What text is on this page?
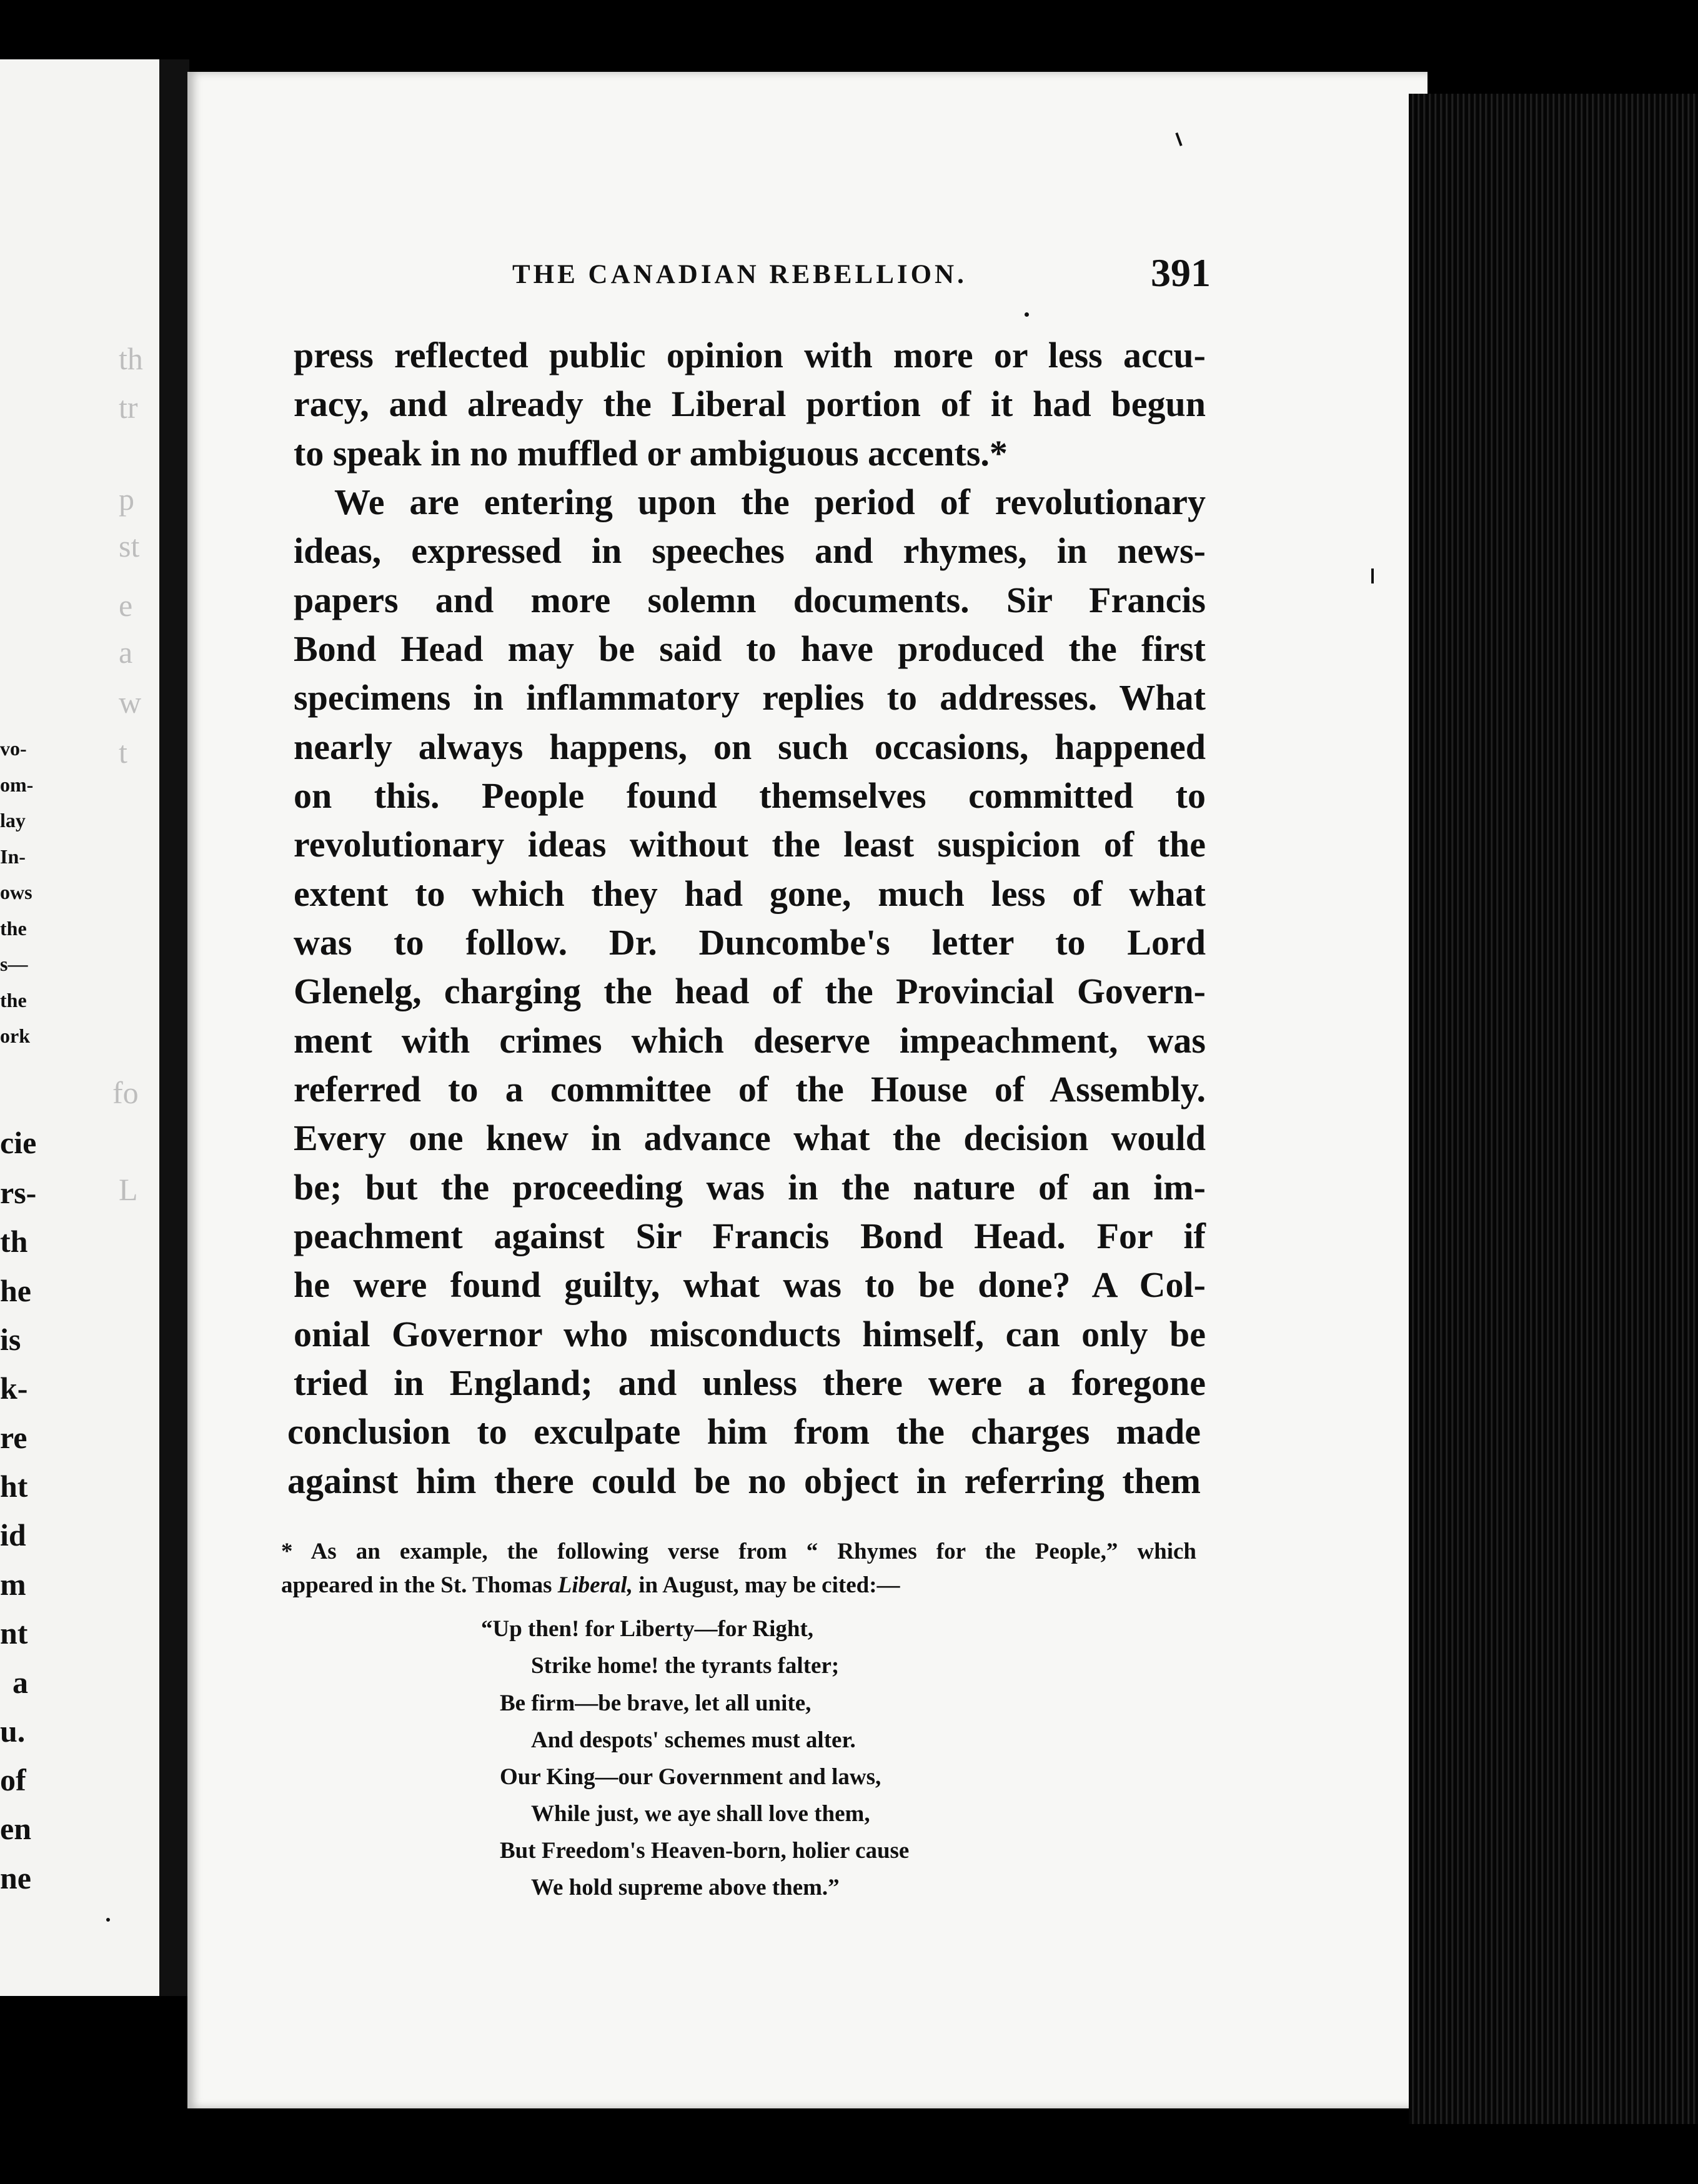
th
tr
p
st
e
a
w
t
fo
L
vo-
om-
lay
In-
ows
the
s—
the
ork
cie
rs-
th
he
is
k-
re
ht
id
m
nt
a
u.
of
en
ne
THE CANADIAN REBELLION.	391
press reflected public opinion with more or less accu-
racy, and already the Liberal portion of it had begun
to speak in no muffled or ambiguous accents.*
We are entering upon the period of revolutionary
ideas, expressed in speeches and rhymes, in news-
papers and more solemn documents. Sir Francis
Bond Head may be said to have produced the first
specimens in inflammatory replies to addresses. What
nearly always happens, on such occasions, happened
on this. People found themselves committed to
revolutionary ideas without the least suspicion of the
extent to which they had gone, much less of what
was to follow. Dr. Duncombe's letter to Lord
Glenelg, charging the head of the Provincial Govern-
ment with crimes which deserve impeachment, was
referred to a committee of the House of Assembly.
Every one knew in advance what the decision would
be; but the proceeding was in the nature of an im-
peachment against Sir Francis Bond Head. For if
he were found guilty, what was to be done? A Col-
onial Governor who misconducts himself, can only be
tried in England; and unless there were a foregone
conclusion to exculpate him from the charges made
against him there could be no object in referring them
* As an example, the following verse from “ Rhymes for the People,” which
appeared in the St. Thomas Liberal, in August, may be cited:—
“Up then! for Liberty—for Right,
Strike home! the tyrants falter;
Be firm—be brave, let all unite,
And despots' schemes must alter.
Our King—our Government and laws,
While just, we aye shall love them,
But Freedom's Heaven-born, holier cause
We hold supreme above them.”
